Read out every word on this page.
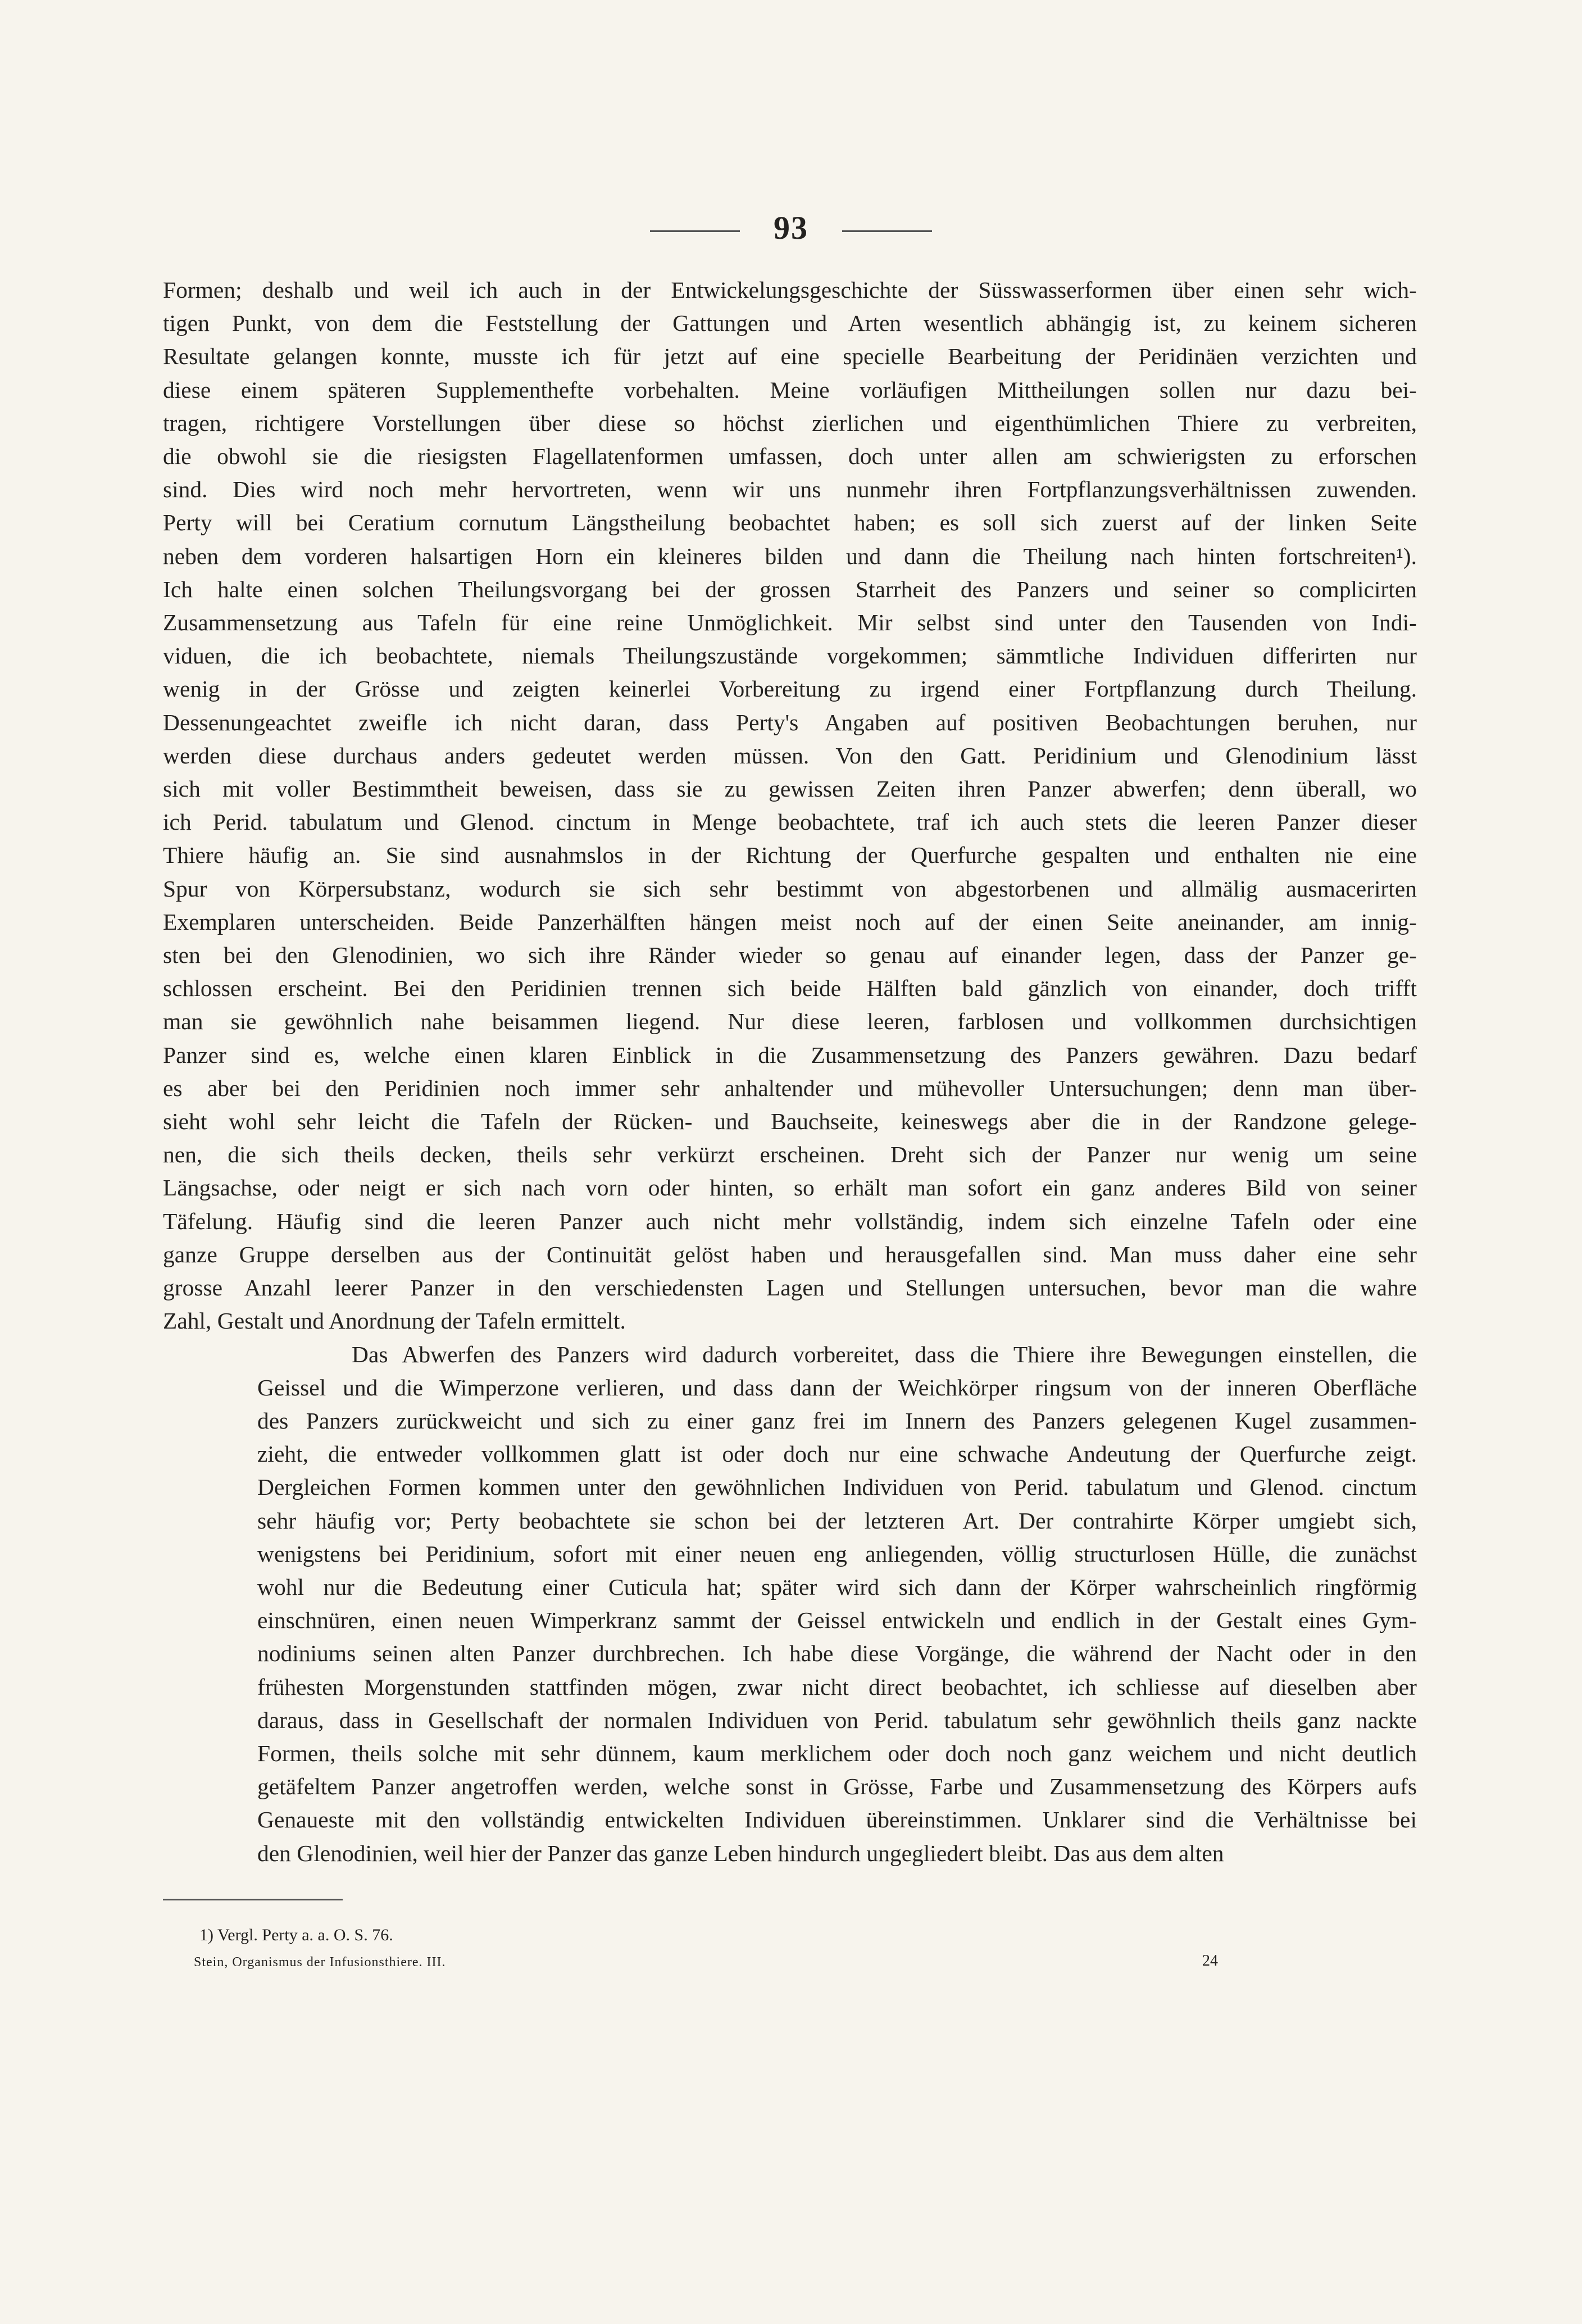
93

Formen; deshalb und weil ich auch in der Entwickelungsgeschichte der Süsswasserformen über einen sehr wich-
tigen Punkt, von dem die Feststellung der Gattungen und Arten wesentlich abhängig ist, zu keinem sicheren
Resultate gelangen konnte, musste ich für jetzt auf eine specielle Bearbeitung der Peridinäen verzichten und
diese einem späteren Supplementhefte vorbehalten. Meine vorläufigen Mittheilungen sollen nur dazu bei-
tragen, richtigere Vorstellungen über diese so höchst zierlichen und eigenthümlichen Thiere zu verbreiten,
die obwohl sie die riesigsten Flagellatenformen umfassen, doch unter allen am schwierigsten zu erforschen
sind. Dies wird noch mehr hervortreten, wenn wir uns nunmehr ihren Fortpflanzungsverhältnissen zuwenden.
Perty will bei Ceratium cornutum Längstheilung beobachtet haben; es soll sich zuerst auf der linken Seite
neben dem vorderen halsartigen Horn ein kleineres bilden und dann die Theilung nach hinten fortschreiten¹).
Ich halte einen solchen Theilungsvorgang bei der grossen Starrheit des Panzers und seiner so complicirten
Zusammensetzung aus Tafeln für eine reine Unmöglichkeit. Mir selbst sind unter den Tausenden von Indi-
viduen, die ich beobachtete, niemals Theilungszustände vorgekommen; sämmtliche Individuen differirten nur
wenig in der Grösse und zeigten keinerlei Vorbereitung zu irgend einer Fortpflanzung durch Theilung.
Dessenungeachtet zweifle ich nicht daran, dass Perty's Angaben auf positiven Beobachtungen beruhen, nur
werden diese durchaus anders gedeutet werden müssen. Von den Gatt. Peridinium und Glenodinium lässt
sich mit voller Bestimmtheit beweisen, dass sie zu gewissen Zeiten ihren Panzer abwerfen; denn überall, wo
ich Perid. tabulatum und Glenod. cinctum in Menge beobachtete, traf ich auch stets die leeren Panzer dieser
Thiere häufig an. Sie sind ausnahmslos in der Richtung der Querfurche gespalten und enthalten nie eine
Spur von Körpersubstanz, wodurch sie sich sehr bestimmt von abgestorbenen und allmälig ausmacerirten
Exemplaren unterscheiden. Beide Panzerhälften hängen meist noch auf der einen Seite aneinander, am innig-
sten bei den Glenodinien, wo sich ihre Ränder wieder so genau auf einander legen, dass der Panzer ge-
schlossen erscheint. Bei den Peridinien trennen sich beide Hälften bald gänzlich von einander, doch trifft
man sie gewöhnlich nahe beisammen liegend. Nur diese leeren, farblosen und vollkommen durchsichtigen
Panzer sind es, welche einen klaren Einblick in die Zusammensetzung des Panzers gewähren. Dazu bedarf
es aber bei den Peridinien noch immer sehr anhaltender und mühevoller Untersuchungen; denn man über-
sieht wohl sehr leicht die Tafeln der Rücken- und Bauchseite, keineswegs aber die in der Randzone gelege-
nen, die sich theils decken, theils sehr verkürzt erscheinen. Dreht sich der Panzer nur wenig um seine
Längsachse, oder neigt er sich nach vorn oder hinten, so erhält man sofort ein ganz anderes Bild von seiner
Täfelung. Häufig sind die leeren Panzer auch nicht mehr vollständig, indem sich einzelne Tafeln oder eine
ganze Gruppe derselben aus der Continuität gelöst haben und herausgefallen sind. Man muss daher eine sehr
grosse Anzahl leerer Panzer in den verschiedensten Lagen und Stellungen untersuchen, bevor man die wahre
Zahl, Gestalt und Anordnung der Tafeln ermittelt.

Das Abwerfen des Panzers wird dadurch vorbereitet, dass die Thiere ihre Bewegungen einstellen, die
Geissel und die Wimperzone verlieren, und dass dann der Weichkörper ringsum von der inneren Oberfläche
des Panzers zurückweicht und sich zu einer ganz frei im Innern des Panzers gelegenen Kugel zusammen-
zieht, die entweder vollkommen glatt ist oder doch nur eine schwache Andeutung der Querfurche zeigt.
Dergleichen Formen kommen unter den gewöhnlichen Individuen von Perid. tabulatum und Glenod. cinctum
sehr häufig vor; Perty beobachtete sie schon bei der letzteren Art. Der contrahirte Körper umgiebt sich,
wenigstens bei Peridinium, sofort mit einer neuen eng anliegenden, völlig structurlosen Hülle, die zunächst
wohl nur die Bedeutung einer Cuticula hat; später wird sich dann der Körper wahrscheinlich ringförmig
einschnüren, einen neuen Wimperkranz sammt der Geissel entwickeln und endlich in der Gestalt eines Gym-
nodiniums seinen alten Panzer durchbrechen. Ich habe diese Vorgänge, die während der Nacht oder in den
frühesten Morgenstunden stattfinden mögen, zwar nicht direct beobachtet, ich schliesse auf dieselben aber
daraus, dass in Gesellschaft der normalen Individuen von Perid. tabulatum sehr gewöhnlich theils ganz nackte
Formen, theils solche mit sehr dünnem, kaum merklichem oder doch noch ganz weichem und nicht deutlich
getäfeltem Panzer angetroffen werden, welche sonst in Grösse, Farbe und Zusammensetzung des Körpers aufs
Genaueste mit den vollständig entwickelten Individuen übereinstimmen. Unklarer sind die Verhältnisse bei
den Glenodinien, weil hier der Panzer das ganze Leben hindurch ungegliedert bleibt. Das aus dem alten

1) Vergl. Perty a. a. O. S. 76.
Stein, Organismus der Infusionsthiere. III.	24
